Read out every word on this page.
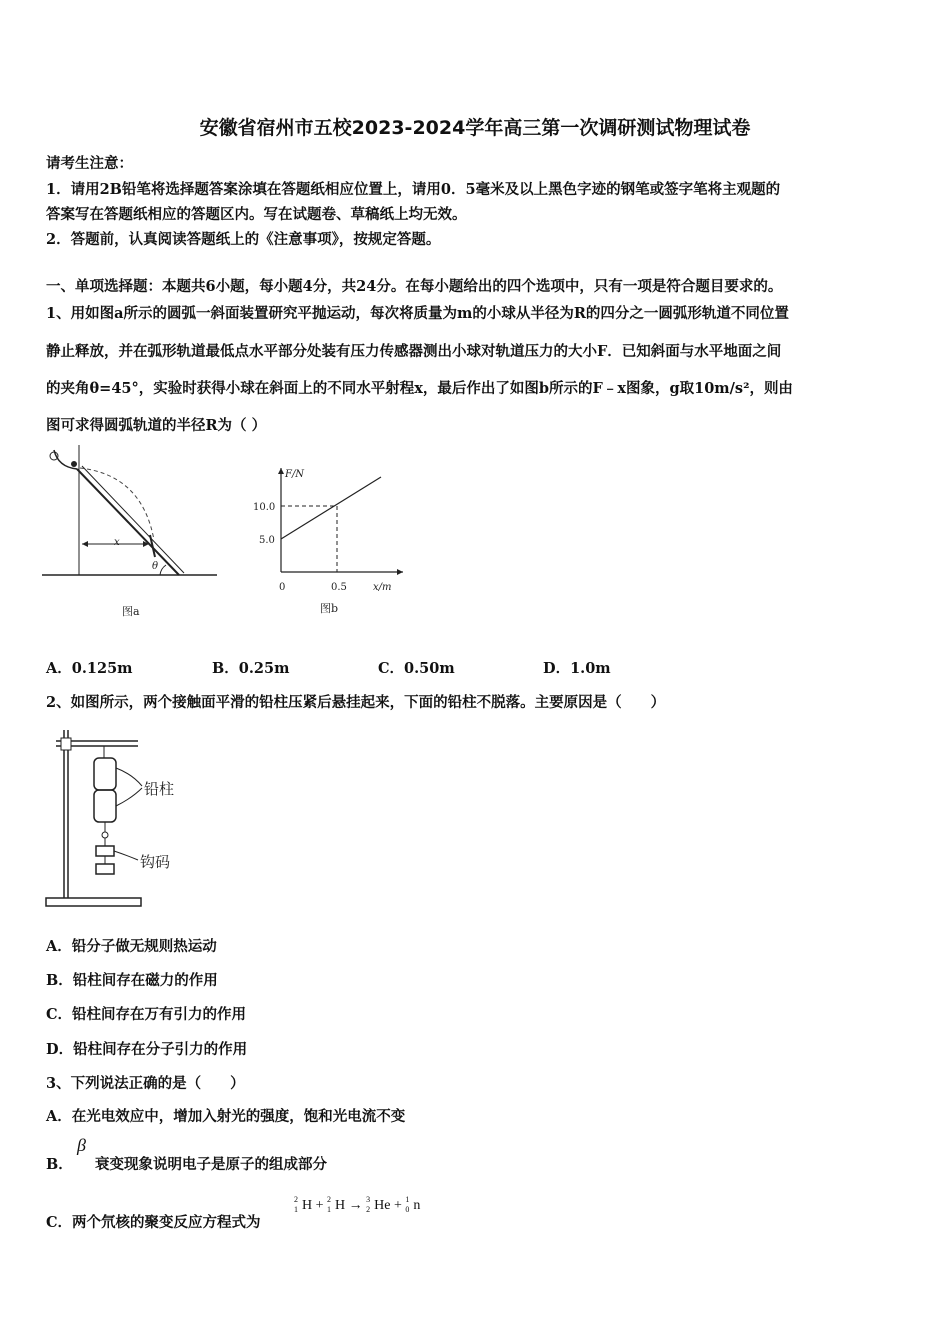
安徽省宿州市五校2023-2024学年高三第一次调研测试物理试卷
请考生注意：
1．请用2B铅笔将选择题答案涂填在答题纸相应位置上，请用0．5毫米及以上黑色字迹的钢笔或签字笔将主观题的
答案写在答题纸相应的答题区内。写在试题卷、草稿纸上均无效。
2．答题前，认真阅读答题纸上的《注意事项》，按规定答题。
一、单项选择题：本题共6小题，每小题4分，共24分。在每小题给出的四个选项中，只有一项是符合题目要求的。
1、用如图a所示的圆弧一斜面装置研究平抛运动，每次将质量为m的小球从半径为R的四分之一圆弧形轨道不同位置
静止释放，并在弧形轨道最低点水平部分处装有压力传感器测出小球对轨道压力的大小F．已知斜面与水平地面之间
的夹角θ=45°，实验时获得小球在斜面上的不同水平射程x，最后作出了如图b所示的F﹣x图象，g取10m/s²，则由
图可求得圆弧轨道的半径R为（ ）
x
θ
图a
F/N
x/m
10.0
5.0
0	0.5
图b
A．0.125m	B．0.25m	C．0.50m	D．1.0m
2、如图所示，两个接触面平滑的铅柱压紧后悬挂起来，下面的铅柱不脱落。主要原因是（　　）
铅柱
钩码
A．铅分子做无规则热运动
B．铅柱间存在磁力的作用
C．铅柱间存在万有引力的作用
D．铅柱间存在分子引力的作用
3、下列说法正确的是（　　）
A．在光电效应中，增加入射光的强度，饱和光电流不变
B．
β
衰变现象说明电子是原子的组成部分
C．两个氘核的聚变反应方程式为
2
1 H + 2
1 H → 3
2 He + 1
0 n
